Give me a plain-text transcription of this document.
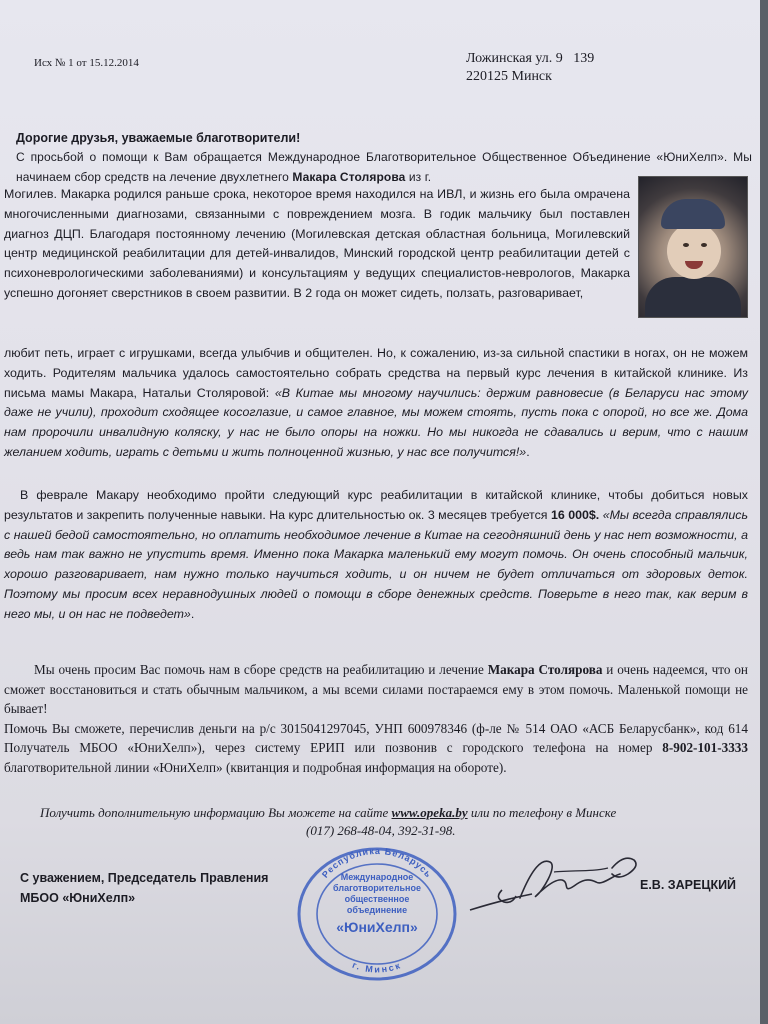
Исх № 1 от 15.12.2014	Ложинская ул. 9   139
220125 Минск
Дорогие друзья, уважаемые благотворители!
С просьбой о помощи к Вам обращается Международное Благотворительное Общественное Объединение «ЮниХелп». Мы начинаем сбор средств на лечение двухлетнего Макара Столярова из г.
Могилев. Макарка родился раньше срока, некоторое время находился на ИВЛ, и жизнь его была омрачена многочисленными диагнозами, связанными с повреждением мозга. В годик мальчику был поставлен диагноз ДЦП. Благодаря постоянному лечению (Могилевская детская областная больница, Могилевский центр медицинской реабилитации для детей-инвалидов, Минский городской центр реабилитации детей с психоневрологическими заболеваниями) и консультациям у ведущих специалистов-неврологов, Макарка успешно догоняет сверстников в своем развитии. В 2 года он может сидеть, ползать, разговаривает,
любит петь, играет с игрушками, всегда улыбчив и общителен. Но, к сожалению, из-за сильной спастики в ногах, он не можем ходить. Родителям мальчика удалось самостоятельно собрать средства на первый курс лечения в китайской клинике. Из письма мамы Макара, Натальи Столяровой: «В Китае мы многому научились: держим равновесие (в Беларуси нас этому даже не учили), проходит сходящее косоглазие, и самое главное, мы можем стоять, пусть пока с опорой, но все же. Дома нам пророчили инвалидную коляску, у нас не было опоры на ножки. Но мы никогда не сдавались и верим, что с нашим желанием ходить, играть с детьми и жить полноценной жизнью, у нас все получится!».
В феврале Макару необходимо пройти следующий курс реабилитации в китайской клинике, чтобы добиться новых результатов и закрепить полученные навыки. На курс длительностью ок. 3 месяцев требуется 16 000$. «Мы всегда справлялись с нашей бедой самостоятельно, но оплатить необходимое лечение в Китае на сегодняшний день у нас нет возможности, а ведь нам так важно не упустить время. Именно пока Макарка маленький ему могут помочь. Он очень способный мальчик, хорошо разговаривает, нам нужно только научиться ходить, и он ничем не будет отличаться от здоровых деток. Поэтому мы просим всех неравнодушных людей о помощи в сборе денежных средств. Поверьте в него так, как верим в него мы, и он нас не подведет».
Мы очень просим Вас помочь нам в сборе средств на реабилитацию и лечение Макара Столярова и очень надеемся, что он сможет восстановиться и стать обычным мальчиком, а мы всеми силами постараемся ему в этом помочь. Маленькой помощи не бывает!
Помочь Вы сможете, перечислив деньги на р/с 3015041297045, УНП 600978346 (ф-ле № 514 ОАО «АСБ Беларусбанк», код 614 Получатель МБОО «ЮниХелп»), через систему ЕРИП или позвонив с городского телефона на номер 8-902-101-3333 благотворительной линии «ЮниХелп» (квитанция и подробная информация на обороте).
Получить дополнительную информацию Вы можете на сайте www.opeka.by или по телефону в Минске
(017) 268-48-04, 392-31-98.
С уважением, Председатель Правления
МБОО «ЮниХелп»
Республика Беларусь
г. Минск
Международное
благотворительное
общественное
объединение
«ЮниХелп»
Е.В. ЗАРЕЦКИЙ
